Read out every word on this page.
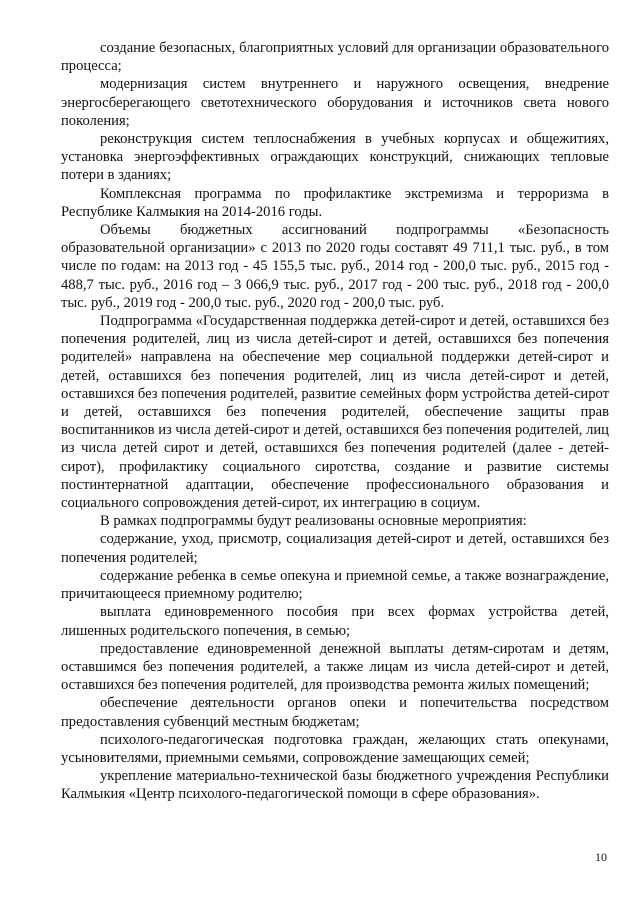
создание безопасных, благоприятных условий для организации образовательного процесса;

модернизация систем внутреннего и наружного освещения, внедрение энергосберегающего светотехнического оборудования и источников света нового поколения;

реконструкция систем теплоснабжения в учебных корпусах и общежитиях, установка энергоэффективных ограждающих конструкций, снижающих тепловые потери в зданиях;

Комплексная программа по профилактике экстремизма и терроризма в Республике Калмыкия на 2014-2016 годы.

Объемы бюджетных ассигнований подпрограммы «Безопасность образовательной организации» с 2013 по 2020 годы составят 49 711,1 тыс. руб., в том числе по годам: на 2013 год - 45 155,5 тыс. руб., 2014 год - 200,0 тыс. руб., 2015 год - 488,7 тыс. руб., 2016 год – 3 066,9 тыс. руб., 2017 год - 200 тыс. руб., 2018 год - 200,0 тыс. руб., 2019 год - 200,0 тыс. руб., 2020 год - 200,0 тыс. руб.

Подпрограмма «Государственная поддержка детей-сирот и детей, оставшихся без попечения родителей, лиц из числа детей-сирот и детей, оставшихся без попечения родителей» направлена на обеспечение мер социальной поддержки детей-сирот и детей, оставшихся без попечения родителей, лиц из числа детей-сирот и детей, оставшихся без попечения родителей, развитие семейных форм устройства детей-сирот и детей, оставшихся без попечения родителей, обеспечение защиты прав воспитанников из числа детей-сирот и детей, оставшихся без попечения родителей, лиц из числа детей сирот и детей, оставшихся без попечения родителей (далее - детей-сирот), профилактику социального сиротства, создание и развитие системы постинтернатной адаптации, обеспечение профессионального образования и социального сопровождения детей-сирот, их интеграцию в социум.

В рамках подпрограммы будут реализованы основные мероприятия:

содержание, уход, присмотр, социализация детей-сирот и детей, оставшихся без попечения родителей;

содержание ребенка в семье опекуна и приемной семье, а также вознаграждение, причитающееся приемному родителю;

выплата единовременного пособия при всех формах устройства детей, лишенных родительского попечения, в семью;

предоставление единовременной денежной выплаты детям-сиротам и детям, оставшимся без попечения родителей, а также лицам из числа детей-сирот и детей, оставшихся без попечения родителей, для производства ремонта жилых помещений;

обеспечение деятельности органов опеки и попечительства посредством предоставления субвенций местным бюджетам;

психолого-педагогическая подготовка граждан, желающих стать опекунами, усыновителями, приемными семьями, сопровождение замещающих семей;

укрепление материально-технической базы бюджетного учреждения Республики Калмыкия «Центр психолого-педагогической помощи в сфере образования».

10
